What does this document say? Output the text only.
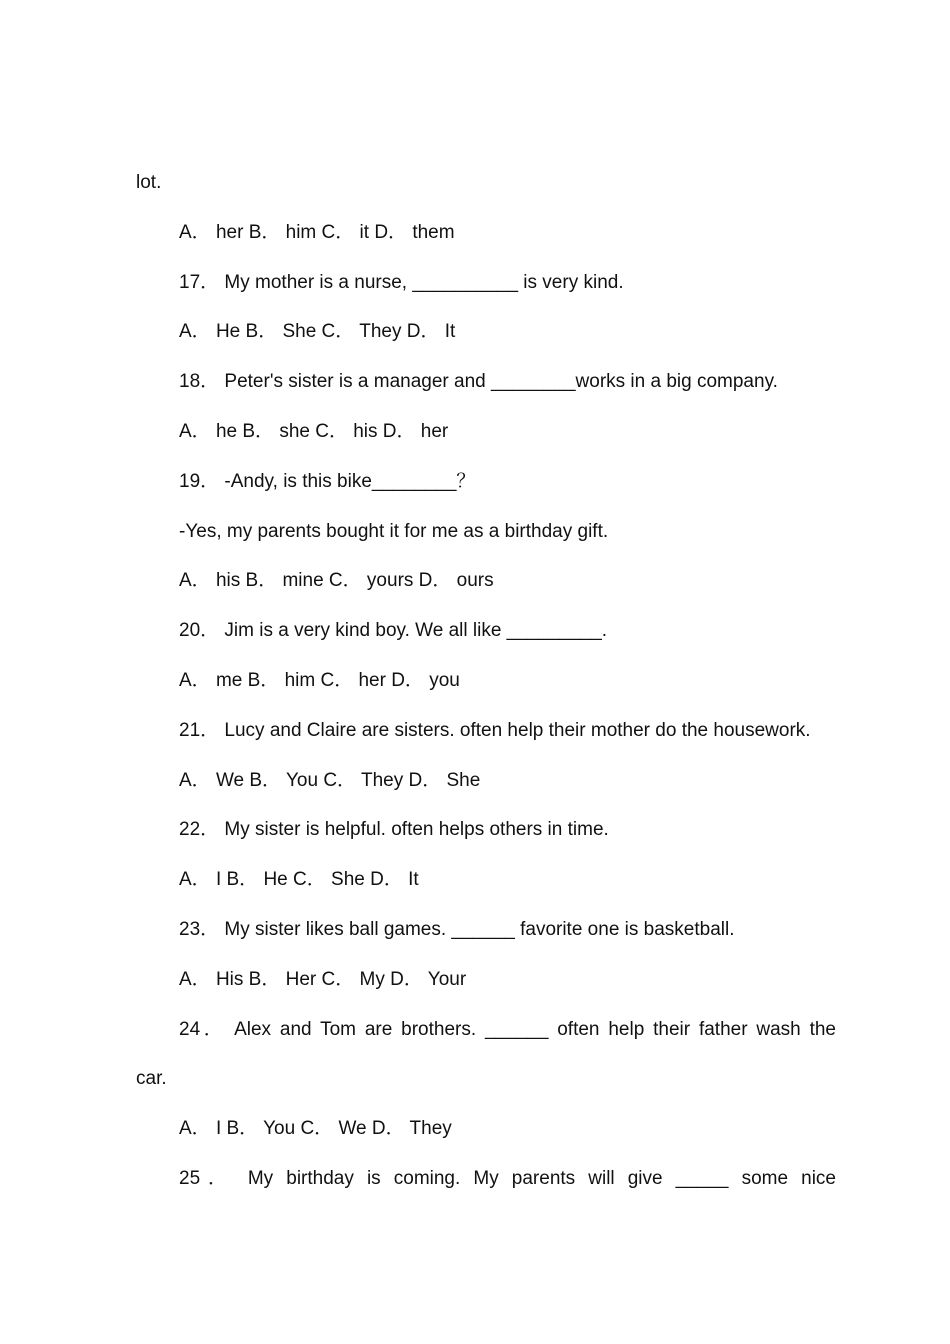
lot.
A． her B． him C． it D． them
17． My mother is a nurse, __________ is very kind.
A． He B． She C． They D． It
18． Peter's sister is a manager and ________works in a big company.
A． he B． she C． his D． her
19． -Andy, is this bike________？
-Yes, my parents bought it for me as a birthday gift.
A． his B． mine C． yours D． ours
20． Jim is a very kind boy. We all like _________.
A． me B． him C． her D． you
21． Lucy and Claire are sisters. often help their mother do the housework.
A． We B． You C． They D． She
22． My sister is helpful. often helps others in time.
A． I B． He C． She D． It
23． My sister likes ball games. ______ favorite one is basketball.
A． His B． Her C． My D． Your
24． Alex and Tom are brothers. ______ often help their father wash the
car.
A． I B． You C． We D． They
25． My birthday is coming. My parents will give _____ some nice
